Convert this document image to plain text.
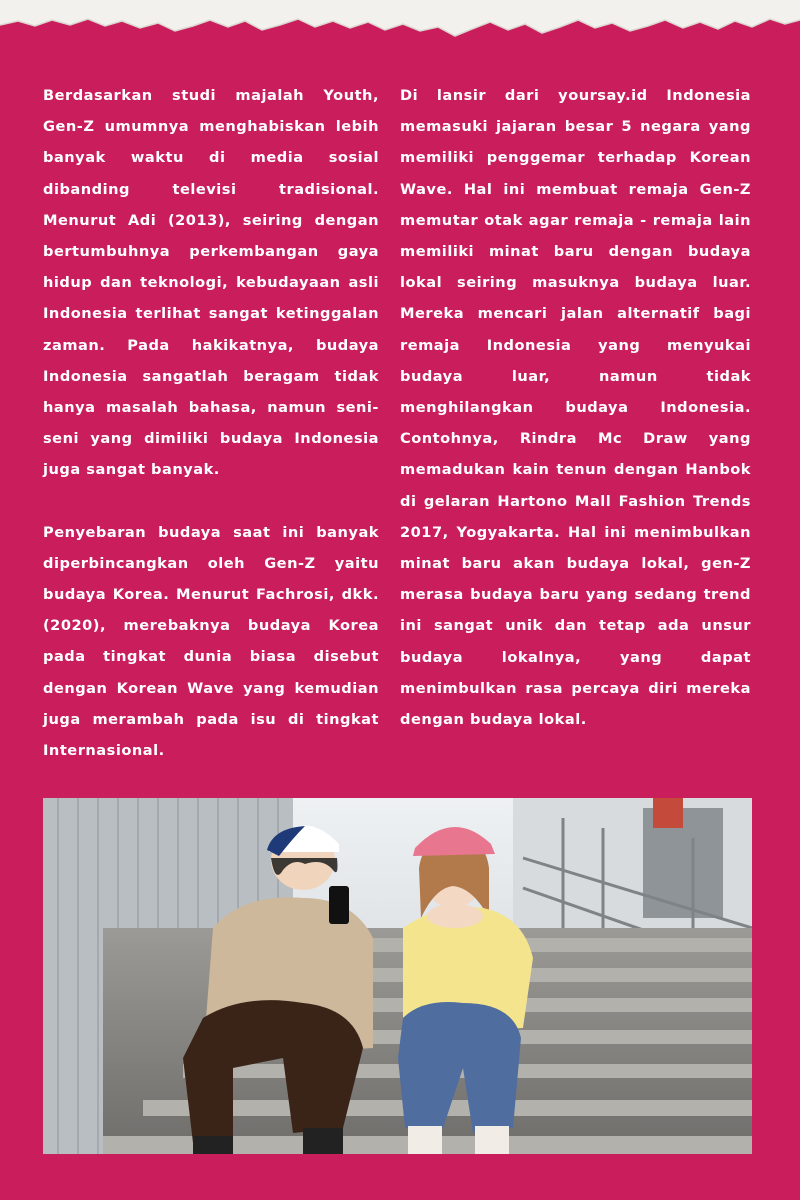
Berdasarkan studi majalah Youth, Gen-Z umumnya menghabiskan lebih banyak waktu di media sosial dibanding televisi tradisional. Menurut Adi (2013), seiring dengan bertumbuhnya perkembangan gaya hidup dan teknologi, kebudayaan asli Indonesia terlihat sangat ketinggalan zaman. Pada hakikatnya, budaya Indonesia sangatlah beragam tidak hanya masalah bahasa, namun seni-seni yang dimiliki budaya Indonesia juga sangat banyak.

Penyebaran budaya saat ini banyak diperbincangkan oleh Gen-Z yaitu budaya Korea. Menurut Fachrosi, dkk. (2020), merebaknya budaya Korea pada tingkat dunia biasa disebut dengan Korean Wave yang kemudian juga merambah pada isu di tingkat Internasional.

Di lansir dari yoursay.id Indonesia memasuki jajaran besar 5 negara yang memiliki penggemar terhadap Korean Wave. Hal ini membuat remaja Gen-Z memutar otak agar remaja - remaja lain memiliki minat baru dengan budaya lokal seiring masuknya budaya luar. Mereka mencari jalan alternatif bagi remaja Indonesia yang menyukai budaya luar, namun tidak menghilangkan budaya Indonesia. Contohnya, Rindra Mc Draw yang memadukan kain tenun dengan Hanbok di gelaran Hartono Mall Fashion Trends 2017, Yogyakarta. Hal ini menimbulkan minat baru akan budaya lokal, gen-Z merasa budaya baru yang sedang trend ini sangat unik dan tetap ada unsur budaya lokalnya, yang dapat menimbulkan rasa percaya diri mereka dengan budaya lokal.
